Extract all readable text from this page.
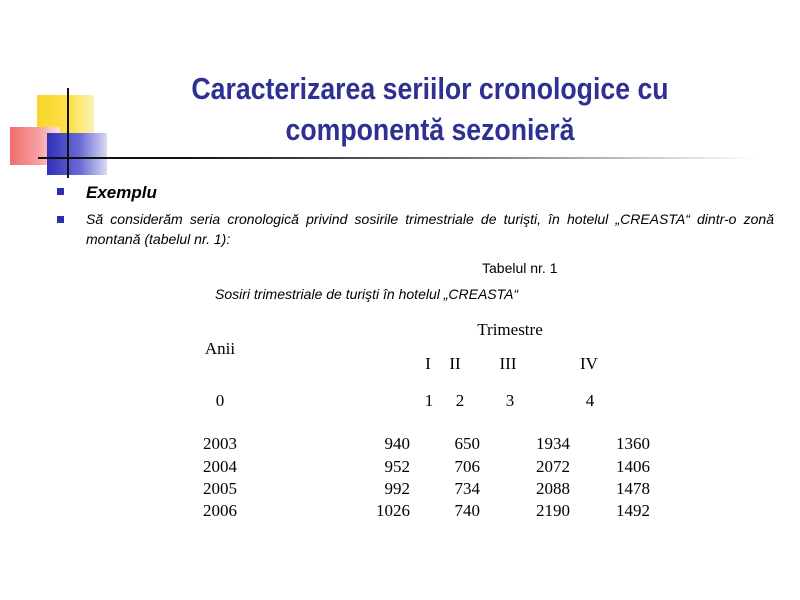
Caracterizarea seriilor cronologice cu
componentă sezonieră
Exemplu
Să considerăm seria cronologică privind sosirile trimestriale de turişti, în hotelul „CREASTA“ dintr-o zonă montană (tabelul nr. 1):
Tabelul nr. 1
Sosiri trimestriale de turişti în hotelul „CREASTA“
Trimestre
Anii
I II III	IV
0	1 2 3	4
2003	940	650	1934	1360
2004	952	706	2072	1406
2005	992	734	2088	1478
2006	1026	740	2190	1492
